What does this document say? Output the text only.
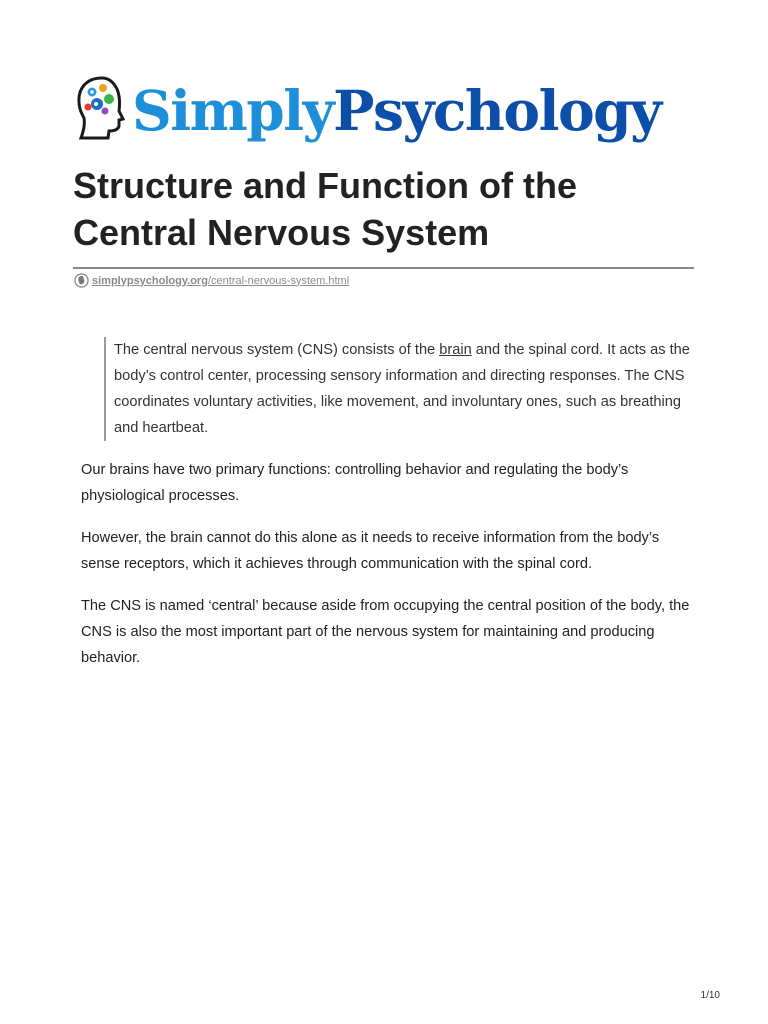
SimplyPsychology
Structure and Function of the
Central Nervous System
simplypsychology.org/central-nervous-system.html

The central nervous system (CNS) consists of the brain and the spinal cord. It acts as the body’s control center, processing sensory information and directing responses. The CNS coordinates voluntary activities, like movement, and involuntary ones, such as breathing and heartbeat.

Our brains have two primary functions: controlling behavior and regulating the body’s physiological processes.

However, the brain cannot do this alone as it needs to receive information from the body’s sense receptors, which it achieves through communication with the spinal cord.

The CNS is named ‘central’ because aside from occupying the central position of the body, the CNS is also the most important part of the nervous system for maintaining and producing behavior.

1/10
